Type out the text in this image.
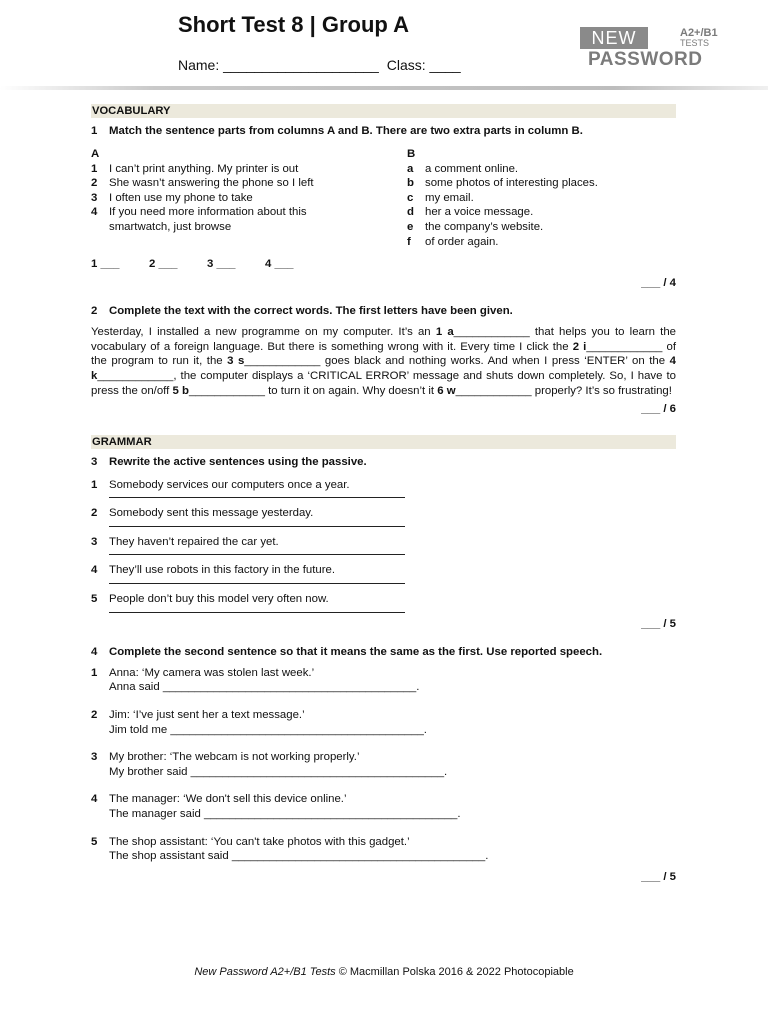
Short Test 8 | Group A
Name: ____________________ Class: ____
NEW	A2+/B1
TESTS
PASSWORD
VOCABULARY
1	Match the sentence parts from columns A and B. There are two extra parts in column B.
A
1	I can’t print anything. My printer is out
2	She wasn’t answering the phone so I left
3	I often use my phone to take
4	If you need more information about this smartwatch, just browse
B
a	a comment online.
b some photos of interesting places.
c	my email.
d her a voice message.
e	the company’s website.
f	of order again.
1 ___	2 ___	3 ___	4 ___
___ / 4
2	Complete the text with the correct words. The first letters have been given.
Yesterday, I installed a new programme on my computer. It’s an 1 a____________ that helps you to learn the vocabulary of a foreign language. But there is something wrong with it. Every time I click the 2 i____________ of the program to run it, the 3 s____________ goes black and nothing works. And when I press ‘ENTER’ on the 4 k____________, the computer displays a ‘CRITICAL ERROR’ message and shuts down completely. So, I have to press the on/off 5 b____________ to turn it on again. Why doesn’t it 6 w____________ properly? It’s so frustrating!
___ / 6
GRAMMAR
3	Rewrite the active sentences using the passive.
1	Somebody services our computers once a year.
2	Somebody sent this message yesterday.
3	They haven’t repaired the car yet.
4	They’ll use robots in this factory in the future.
5	People don’t buy this model very often now.
___ / 5
4	Complete the second sentence so that it means the same as the first. Use reported speech.
1	Anna: ‘My camera was stolen last week.’
Anna said ________________________________________.
2	Jim: ‘I’ve just sent her a text message.’
Jim told me ________________________________________.
3	My brother: ‘The webcam is not working properly.’
My brother said ________________________________________.
4	The manager: ‘We don't sell this device online.’
The manager said ________________________________________.
5	The shop assistant: ‘You can't take photos with this gadget.’
The shop assistant said ________________________________________.
___ / 5
New Password A2+/B1 Tests © Macmillan Polska 2016 & 2022 Photocopiable
